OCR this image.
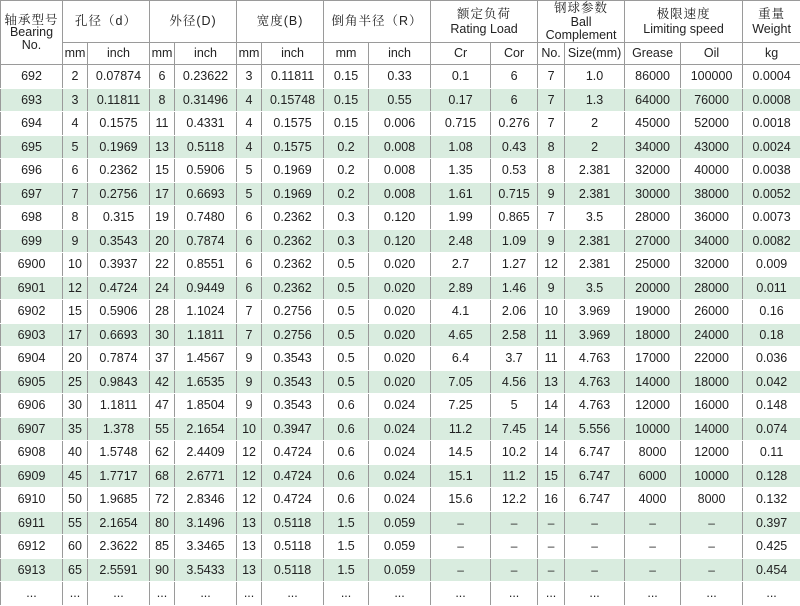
轴承型号
Bearing
No.	孔径（d）		外径(D)		宽度(B)		倒角半径（R）		额定负荷
Rating Load		钢球参数
Ball Complement		极限速度
Limiting speed		重量
Weight

	mm	inch	mm	inch	mm	inch	mm	inch	Cr	Cor	No.	Size(mm)	Grease	Oil	kg
692	2	0.07874	6	0.23622	3	0.11811	0.15	0.33	0.1	6	7	1.0	86000	100000	0.0004
693	3	0.11811	8	0.31496	4	0.15748	0.15	0.55	0.17	6	7	1.3	64000	76000	0.0008
694	4	0.1575	11	0.4331	4	0.1575	0.15	0.006	0.715	0.276	7	2	45000	52000	0.0018
695	5	0.1969	13	0.5118	4	0.1575	0.2	0.008	1.08	0.43	8	2	34000	43000	0.0024
696	6	0.2362	15	0.5906	5	0.1969	0.2	0.008	1.35	0.53	8	2.381	32000	40000	0.0038
697	7	0.2756	17	0.6693	5	0.1969	0.2	0.008	1.61	0.715	9	2.381	30000	38000	0.0052
698	8	0.315	19	0.7480	6	0.2362	0.3	0.120	1.99	0.865	7	3.5	28000	36000	0.0073
699	9	0.3543	20	0.7874	6	0.2362	0.3	0.120	2.48	1.09	9	2.381	27000	34000	0.0082
6900	10	0.3937	22	0.8551	6	0.2362	0.5	0.020	2.7	1.27	12	2.381	25000	32000	0.009
6901	12	0.4724	24	0.9449	6	0.2362	0.5	0.020	2.89	1.46	9	3.5	20000	28000	0.011
6902	15	0.5906	28	1.1024	7	0.2756	0.5	0.020	4.1	2.06	10	3.969	19000	26000	0.16
6903	17	0.6693	30	1.1811	7	0.2756	0.5	0.020	4.65	2.58	11	3.969	18000	24000	0.18
6904	20	0.7874	37	1.4567	9	0.3543	0.5	0.020	6.4	3.7	11	4.763	17000	22000	0.036
6905	25	0.9843	42	1.6535	9	0.3543	0.5	0.020	7.05	4.56	13	4.763	14000	18000	0.042
6906	30	1.1811	47	1.8504	9	0.3543	0.6	0.024	7.25	5	14	4.763	12000	16000	0.148
6907	35	1.378	55	2.1654	10	0.3947	0.6	0.024	11.2	7.45	14	5.556	10000	14000	0.074
6908	40	1.5748	62	2.4409	12	0.4724	0.6	0.024	14.5	10.2	14	6.747	8000	12000	0.11
6909	45	1.7717	68	2.6771	12	0.4724	0.6	0.024	15.1	11.2	15	6.747	6000	10000	0.128
6910	50	1.9685	72	2.8346	12	0.4724	0.6	0.024	15.6	12.2	16	6.747	4000	8000	0.132
6911	55	2.1654	80	3.1496	13	0.5118	1.5	0.059	–	–	–	–	–	–	0.397
6912	60	2.3622	85	3.3465	13	0.5118	1.5	0.059	–	–	–	–	–	–	0.425
6913	65	2.5591	90	3.5433	13	0.5118	1.5	0.059	–	–	–	–	–	–	0.454
...	...	...	...	...	...	...	...	...	...	...	...	...	...	...	...
